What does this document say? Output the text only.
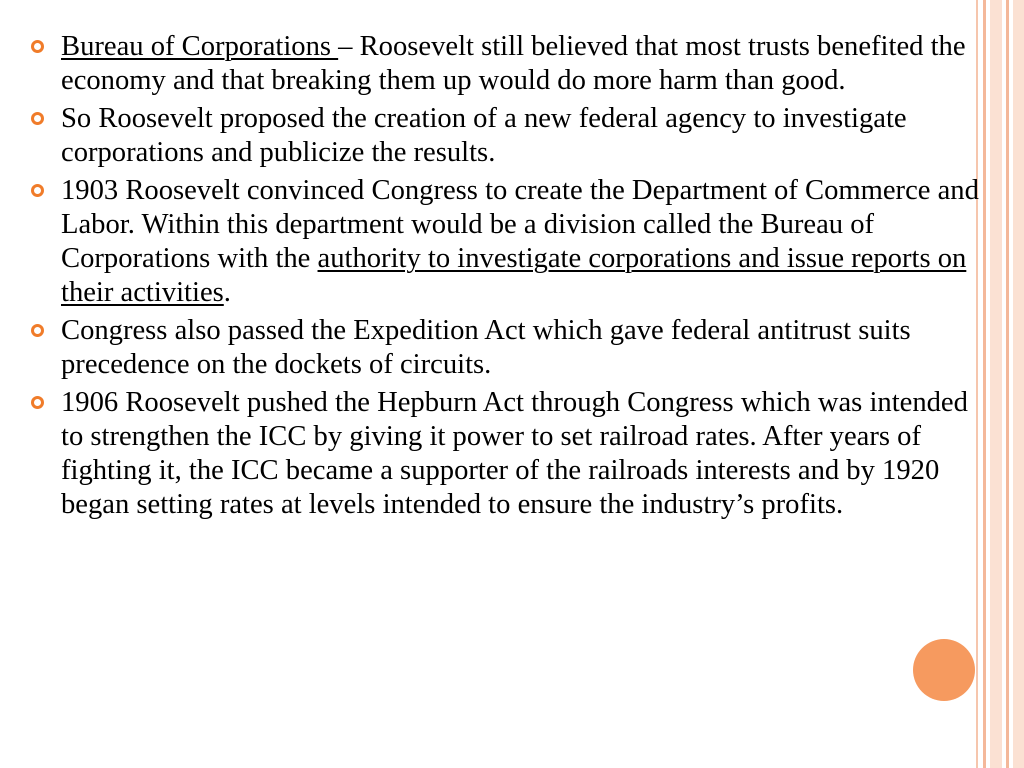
Bureau of Corporations – Roosevelt still believed that most trusts benefited the economy and that breaking them up would do more harm than good.
So Roosevelt proposed the creation of a new federal agency to investigate corporations and publicize the results.
1903 Roosevelt convinced Congress to create the Department of Commerce and Labor. Within this department would be a division called the Bureau of Corporations with the authority to investigate corporations and issue reports on their activities.
Congress also passed the Expedition Act which gave federal antitrust suits precedence on the dockets of circuits.
1906 Roosevelt pushed the Hepburn Act through Congress which was intended to strengthen the ICC by giving it power to set railroad rates. After years of fighting it, the ICC became a supporter of the railroads interests and by 1920 began setting rates at levels intended to ensure the industry’s profits.
